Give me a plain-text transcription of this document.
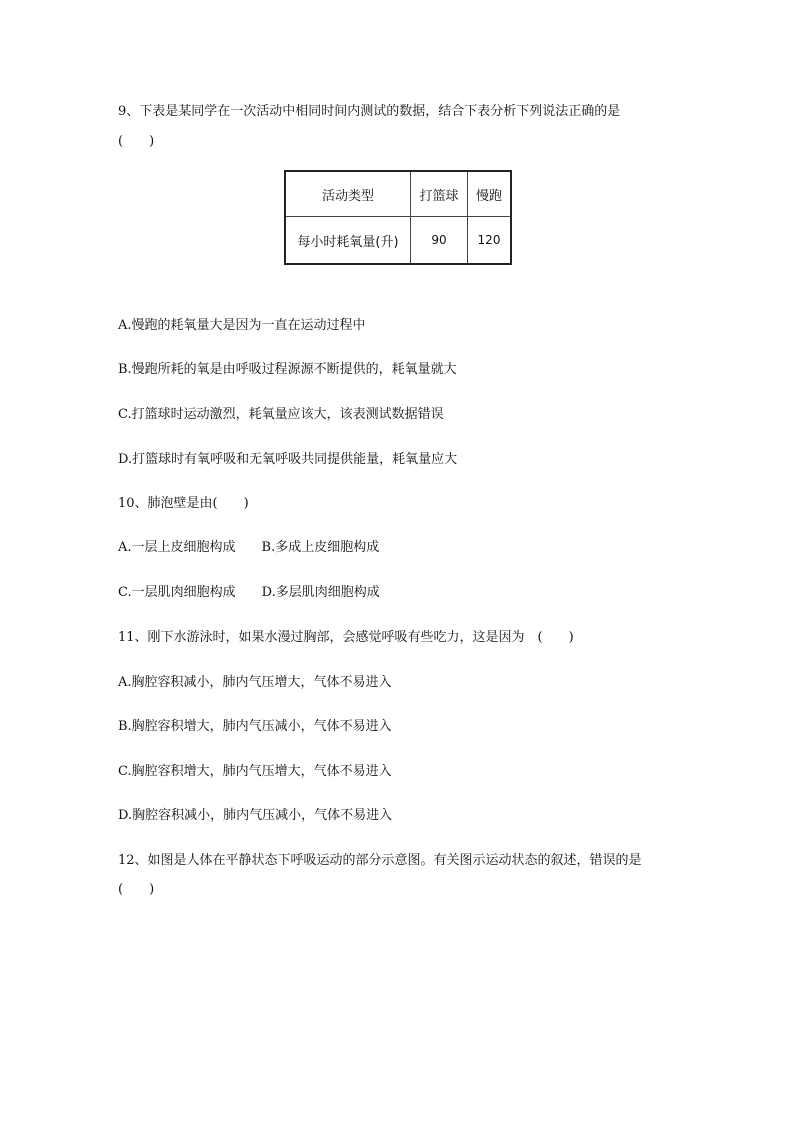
9、下表是某同学在一次活动中相同时间内测试的数据，结合下表分析下列说法正确的是
(　　)
活动类型	打篮球	慢跑
每小时耗氧量(升)	90	120
A.慢跑的耗氧量大是因为一直在运动过程中
B.慢跑所耗的氧是由呼吸过程源源不断提供的，耗氧量就大
C.打篮球时运动激烈，耗氧量应该大，该表测试数据错误
D.打篮球时有氧呼吸和无氧呼吸共同提供能量，耗氧量应大
10、肺泡壁是由(　　)
A.一层上皮细胞构成 B.多成上皮细胞构成
C.一层肌肉细胞构成 D.多层肌肉细胞构成
11、刚下水游泳时，如果水漫过胸部，会感觉呼吸有些吃力，这是因为　(　　)
A.胸腔容积减小，肺内气压增大，气体不易进入
B.胸腔容积增大，肺内气压减小，气体不易进入
C.胸腔容积增大，肺内气压增大，气体不易进入
D.胸腔容积减小，肺内气压减小，气体不易进入
12、如图是人体在平静状态下呼吸运动的部分示意图。有关图示运动状态的叙述，错误的是
(　　)
